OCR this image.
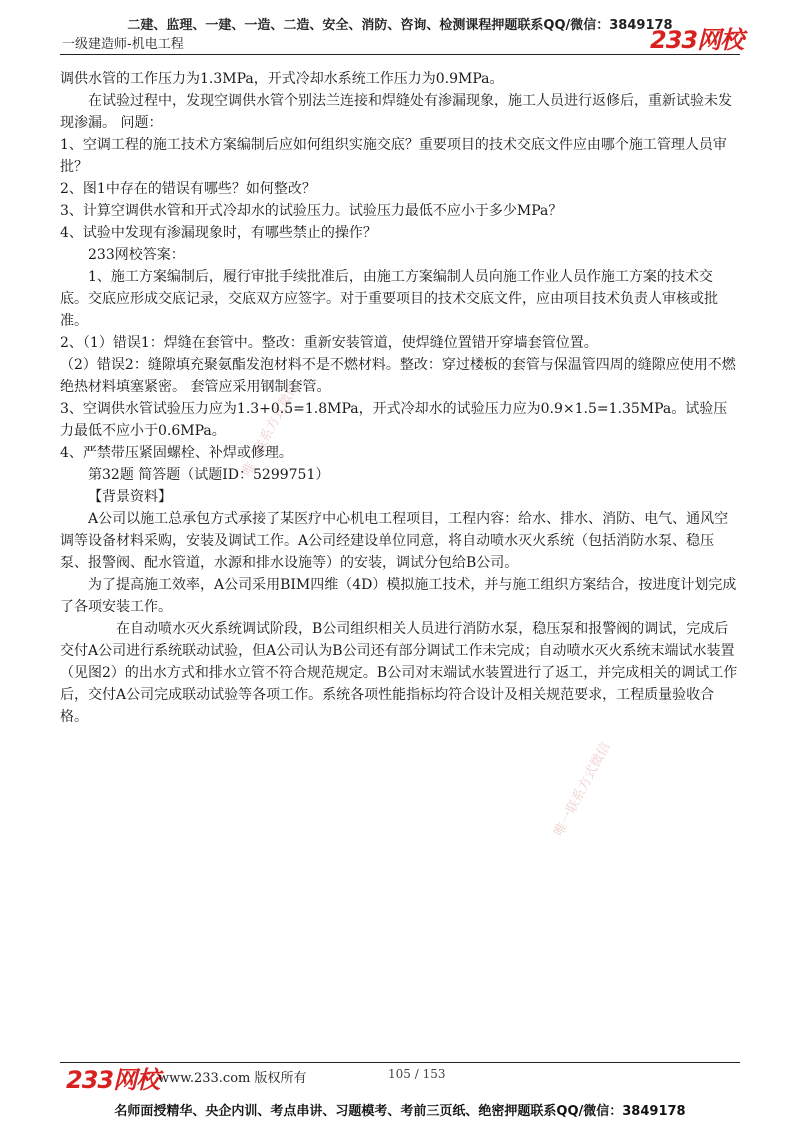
二建、监理、一建、一造、二造、安全、消防、咨询、检测课程押题联系QQ/微信：3849178
一级建造师-机电工程	233网校
唯一联系方式微信
唯一联系方式微信

调供水管的工作压力为1.3MPa，开式冷却水系统工作压力为0.9MPa。

在试验过程中，发现空调供水管个别法兰连接和焊缝处有渗漏现象，施工人员进行返修后，重新试验未发现渗漏。 问题：

1、空调工程的施工技术方案编制后应如何组织实施交底？重要项目的技术交底文件应由哪个施工管理人员审批？

2、图1中存在的错误有哪些？如何整改？

3、计算空调供水管和开式冷却水的试验压力。试验压力最低不应小于多少MPa？

4、试验中发现有渗漏现象时，有哪些禁止的操作？

233网校答案：

1、施工方案编制后，履行审批手续批准后，由施工方案编制人员向施工作业人员作施工方案的技术交底。交底应形成交底记录，交底双方应签字。对于重要项目的技术交底文件，应由项目技术负责人审核或批准。

2、（1）错误1：焊缝在套管中。整改：重新安装管道，使焊缝位置错开穿墙套管位置。

（2）错误2：缝隙填充聚氨酯发泡材料不是不燃材料。整改：穿过楼板的套管与保温管四周的缝隙应使用不燃绝热材料填塞紧密。 套管应采用钢制套管。

3、空调供水管试验压力应为1.3+0.5=1.8MPa，开式冷却水的试验压力应为0.9×1.5=1.35MPa。试验压力最低不应小于0.6MPa。

4、严禁带压紧固螺栓、补焊或修理。

第32题 简答题（试题ID：5299751）

【背景资料】

A公司以施工总承包方式承接了某医疗中心机电工程项目，工程内容：给水、排水、消防、电气、通风空调等设备材料采购，安装及调试工作。A公司经建设单位同意，将自动喷水灭火系统（包括消防水泵、稳压泵、报警阀、配水管道，水源和排水设施等）的安装，调试分包给B公司。

为了提高施工效率，A公司采用BIM四维（4D）模拟施工技术，并与施工组织方案结合，按进度计划完成了各项安装工作。

在自动喷水灭火系统调试阶段，B公司组织相关人员进行消防水泵，稳压泵和报警阀的调试，完成后交付A公司进行系统联动试验，但A公司认为B公司还有部分调试工作未完成；自动喷水灭火系统末端试水装置（见图2）的出水方式和排水立管不符合规范规定。B公司对末端试水装置进行了返工，并完成相关的调试工作后，交付A公司完成联动试验等各项工作。系统各项性能指标均符合设计及相关规范要求，工程质量验收合格。

233网校
www.233.com 版权所有	105 / 153
名师面授精华、央企内训、考点串讲、习题模考、考前三页纸、绝密押题联系QQ/微信：3849178
